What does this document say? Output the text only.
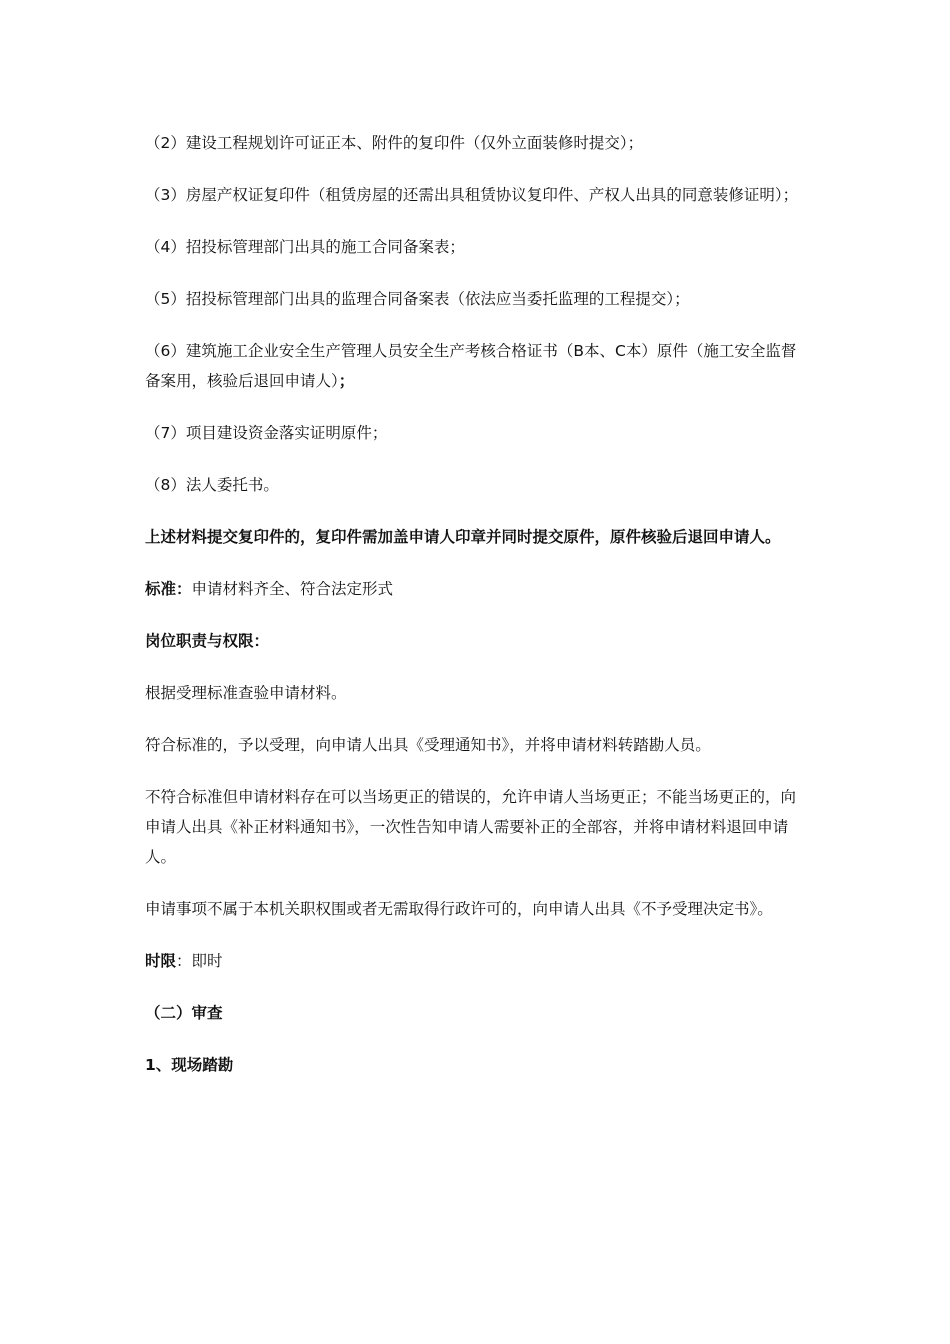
（2）建设工程规划许可证正本、附件的复印件（仅外立面装修时提交）；

（3）房屋产权证复印件（租赁房屋的还需出具租赁协议复印件、产权人出具的同意装修证明）；

（4）招投标管理部门出具的施工合同备案表；

（5）招投标管理部门出具的监理合同备案表（依法应当委托监理的工程提交）；

（6）建筑施工企业安全生产管理人员安全生产考核合格证书（B本、C本）原件（施工安全监督备案用，核验后退回申请人）；

（7）项目建设资金落实证明原件；

（8）法人委托书。

上述材料提交复印件的，复印件需加盖申请人印章并同时提交原件，原件核验后退回申请人。

标准：申请材料齐全、符合法定形式

岗位职责与权限：

根据受理标准查验申请材料。

符合标准的，予以受理，向申请人出具《受理通知书》，并将申请材料转踏勘人员。

不符合标准但申请材料存在可以当场更正的错误的，允许申请人当场更正；不能当场更正的，向申请人出具《补正材料通知书》，一次性告知申请人需要补正的全部容，并将申请材料退回申请人。

申请事项不属于本机关职权围或者无需取得行政许可的，向申请人出具《不予受理决定书》。

时限：即时

（二）审查

1、现场踏勘
